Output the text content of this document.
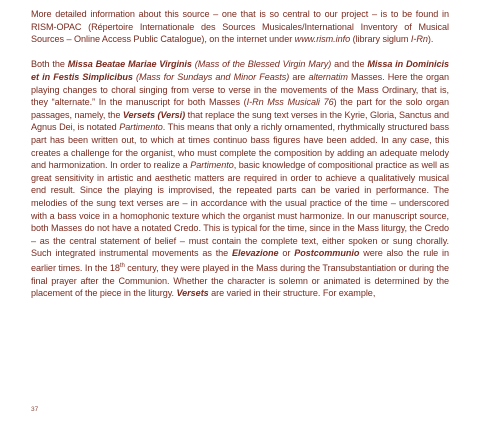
More detailed information about this source – one that is so central to our project – is to be found in RISM-OPAC (Répertoire Internationale des Sources Musicales/International Inventory of Musical Sources – Online Access Public Catalogue), on the internet under www.rism.info (library siglum I-Rn).

Both the Missa Beatae Mariae Virginis (Mass of the Blessed Virgin Mary) and the Missa in Dominicis et in Festis Simplicibus (Mass for Sundays and Minor Feasts) are alternatim Masses. Here the organ playing changes to choral singing from verse to verse in the movements of the Mass Ordinary, that is, they “alternate.” In the manuscript for both Masses (I-Rn Mss Musicali 76) the part for the solo organ passages, namely, the Versets (Versi) that replace the sung text verses in the Kyrie, Gloria, Sanctus and Agnus Dei, is notated Partimento. This means that only a richly ornamented, rhythmically structured bass part has been written out, to which at times continuo bass figures have been added. In any case, this creates a challenge for the organist, who must complete the composition by adding an adequate melody and harmonization. In order to realize a Partimento, basic knowledge of compositional practice as well as great sensitivity in artistic and aesthetic matters are required in order to achieve a qualitatively musical end result. Since the playing is improvised, the repeated parts can be varied in performance. The melodies of the sung text verses are – in accordance with the usual practice of the time – underscored with a bass voice in a homophonic texture which the organist must harmonize. In our manuscript source, both Masses do not have a notated Credo. This is typical for the time, since in the Mass liturgy, the Credo – as the central statement of belief – must contain the complete text, either spoken or sung chorally. Such integrated instrumental movements as the Elevazione or Postcommunio were also the rule in earlier times. In the 18th century, they were played in the Mass during the Transubstantiation or during the final prayer after the Communion. Whether the character is solemn or animated is determined by the placement of the piece in the liturgy. Versets are varied in their structure. For example,

37
